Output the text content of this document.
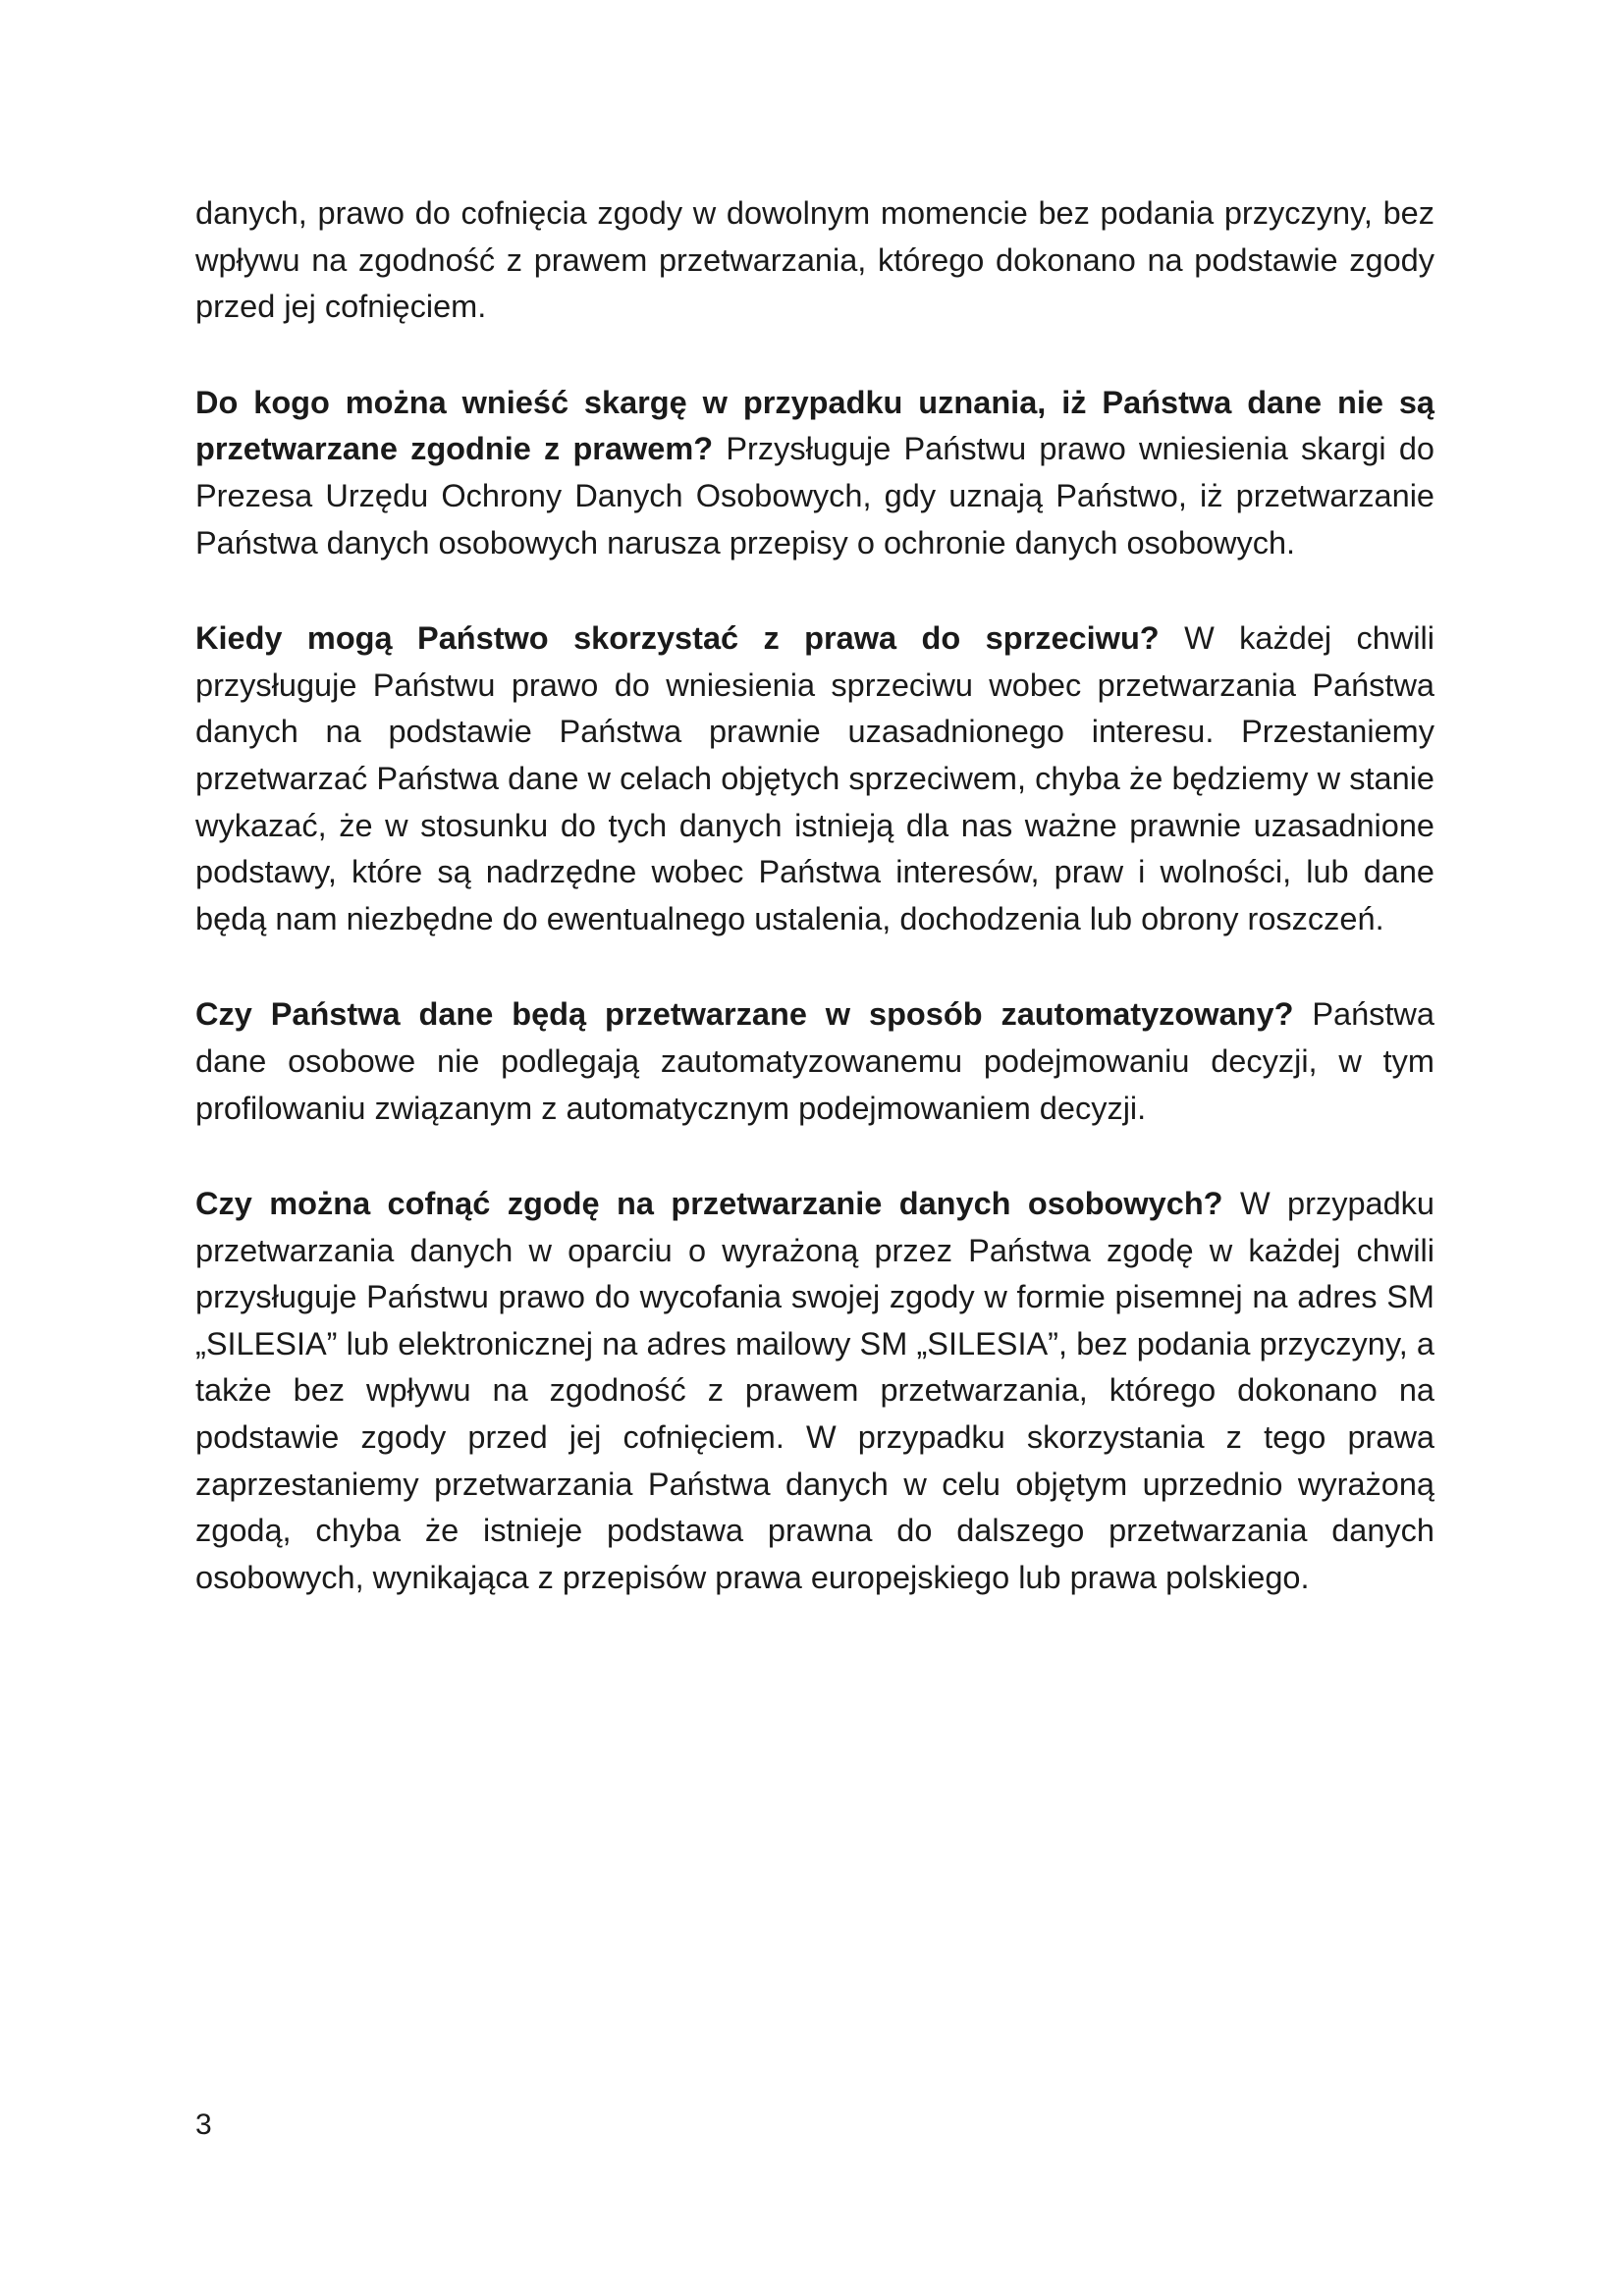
danych, prawo do cofnięcia zgody w dowolnym momencie bez podania przyczyny, bez wpływu na zgodność z prawem przetwarzania, którego dokonano na podstawie zgody przed jej cofnięciem.

Do kogo można wnieść skargę w przypadku uznania, iż Państwa dane nie są przetwarzane zgodnie z prawem? Przysługuje Państwu prawo wniesienia skargi do Prezesa Urzędu Ochrony Danych Osobowych, gdy uznają Państwo, iż przetwarzanie Państwa danych osobowych narusza przepisy o ochronie danych osobowych.

Kiedy mogą Państwo skorzystać z prawa do sprzeciwu? W każdej chwili przysługuje Państwu prawo do wniesienia sprzeciwu wobec przetwarzania Państwa danych na podstawie Państwa prawnie uzasadnionego interesu. Przestaniemy przetwarzać Państwa dane w celach objętych sprzeciwem, chyba że będziemy w stanie wykazać, że w stosunku do tych danych istnieją dla nas ważne prawnie uzasadnione podstawy, które są nadrzędne wobec Państwa interesów, praw i wolności, lub dane będą nam niezbędne do ewentualnego ustalenia, dochodzenia lub obrony roszczeń.

Czy Państwa dane będą przetwarzane w sposób zautomatyzowany? Państwa dane osobowe nie podlegają zautomatyzowanemu podejmowaniu decyzji, w tym profilowaniu związanym z automatycznym podejmowaniem decyzji.

Czy można cofnąć zgodę na przetwarzanie danych osobowych? W przypadku przetwarzania danych w oparciu o wyrażoną przez Państwa zgodę w każdej chwili przysługuje Państwu prawo do wycofania swojej zgody w formie pisemnej na adres SM „SILESIA” lub elektronicznej na adres mailowy SM „SILESIA”, bez podania przyczyny, a także bez wpływu na zgodność z prawem przetwarzania, którego dokonano na podstawie zgody przed jej cofnięciem. W przypadku skorzystania z tego prawa zaprzestaniemy przetwarzania Państwa danych w celu objętym uprzednio wyrażoną zgodą, chyba że istnieje podstawa prawna do dalszego przetwarzania danych osobowych, wynikająca z przepisów prawa europejskiego lub prawa polskiego.

3
